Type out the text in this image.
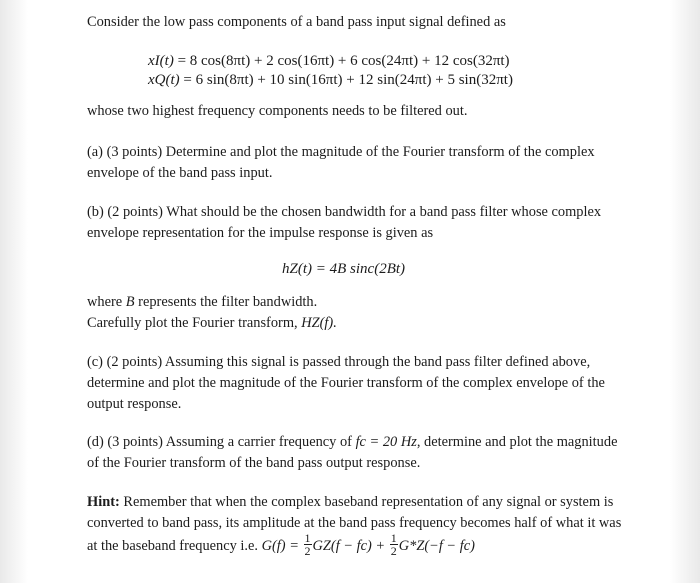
Consider the low pass components of a band pass input signal defined as

xI(t) = 8 cos(8πt) + 2 cos(16πt) + 6 cos(24πt) + 12 cos(32πt)
xQ(t) = 6 sin(8πt) + 10 sin(16πt) + 12 sin(24πt) + 5 sin(32πt)

whose two highest frequency components needs to be filtered out.

(a) (3 points) Determine and plot the magnitude of the Fourier transform of the complex envelope of the band pass input.

(b) (2 points) What should be the chosen bandwidth for a band pass filter whose complex envelope representation for the impulse response is given as

hZ(t) = 4B sinc(2Bt)

where B represents the filter bandwidth.

Carefully plot the Fourier transform, HZ(f).

(c) (2 points) Assuming this signal is passed through the band pass filter defined above, determine and plot the magnitude of the Fourier transform of the complex envelope of the output response.

(d) (3 points) Assuming a carrier frequency of fc = 20 Hz, determine and plot the magnitude of the Fourier transform of the band pass output response.

Hint: Remember that when the complex baseband representation of any signal or system is converted to band pass, its amplitude at the band pass frequency becomes half of what it was at the baseband frequency i.e. $G(f) = \frac{1}{2} GZ(f - fc) + \frac{1}{2} G*Z(-f - fc)$
